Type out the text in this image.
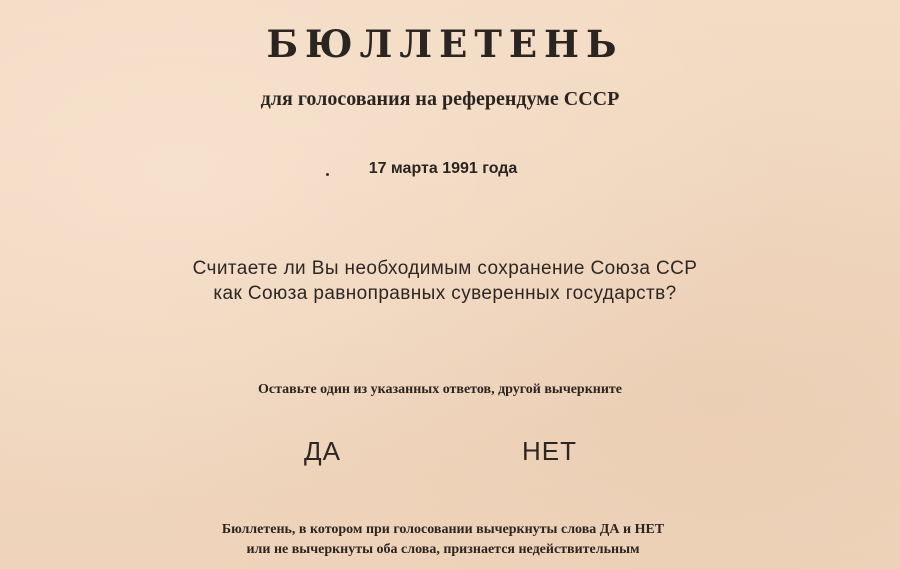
БЮЛЛЕТЕНЬ
для голосования на референдуме СССР
17 марта 1991 года
Считаете ли Вы необходимым сохранение Союза ССР
как Союза равноправных суверенных государств?
Оставьте один из указанных ответов, другой вычеркните
ДА	НЕТ
Бюллетень, в котором при голосовании вычеркнуты слова ДА и НЕТ
или не вычеркнуты оба слова, признается недействительным
